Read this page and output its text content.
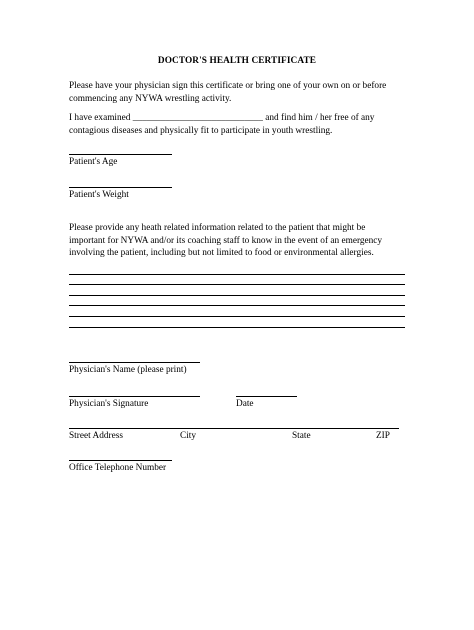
DOCTOR'S HEALTH CERTIFICATE

Please have your physician sign this certificate or bring one of your own on or before
commencing any NYWA wrestling activity.

I have examined ____________________________ and find him / her free of any
contagious diseases and physically fit to participate in youth wrestling.

Patient's Age
Patient's Weight

Please provide any heath related information related to the patient that might be
important for NYWA and/or its coaching staff to know in the event of an emergency
involving the patient, including but not limited to food or environmental allergies.

Physician's Name (please print)
Physician's Signature	Date
Street Address	City	State	ZIP
Office Telephone Number
